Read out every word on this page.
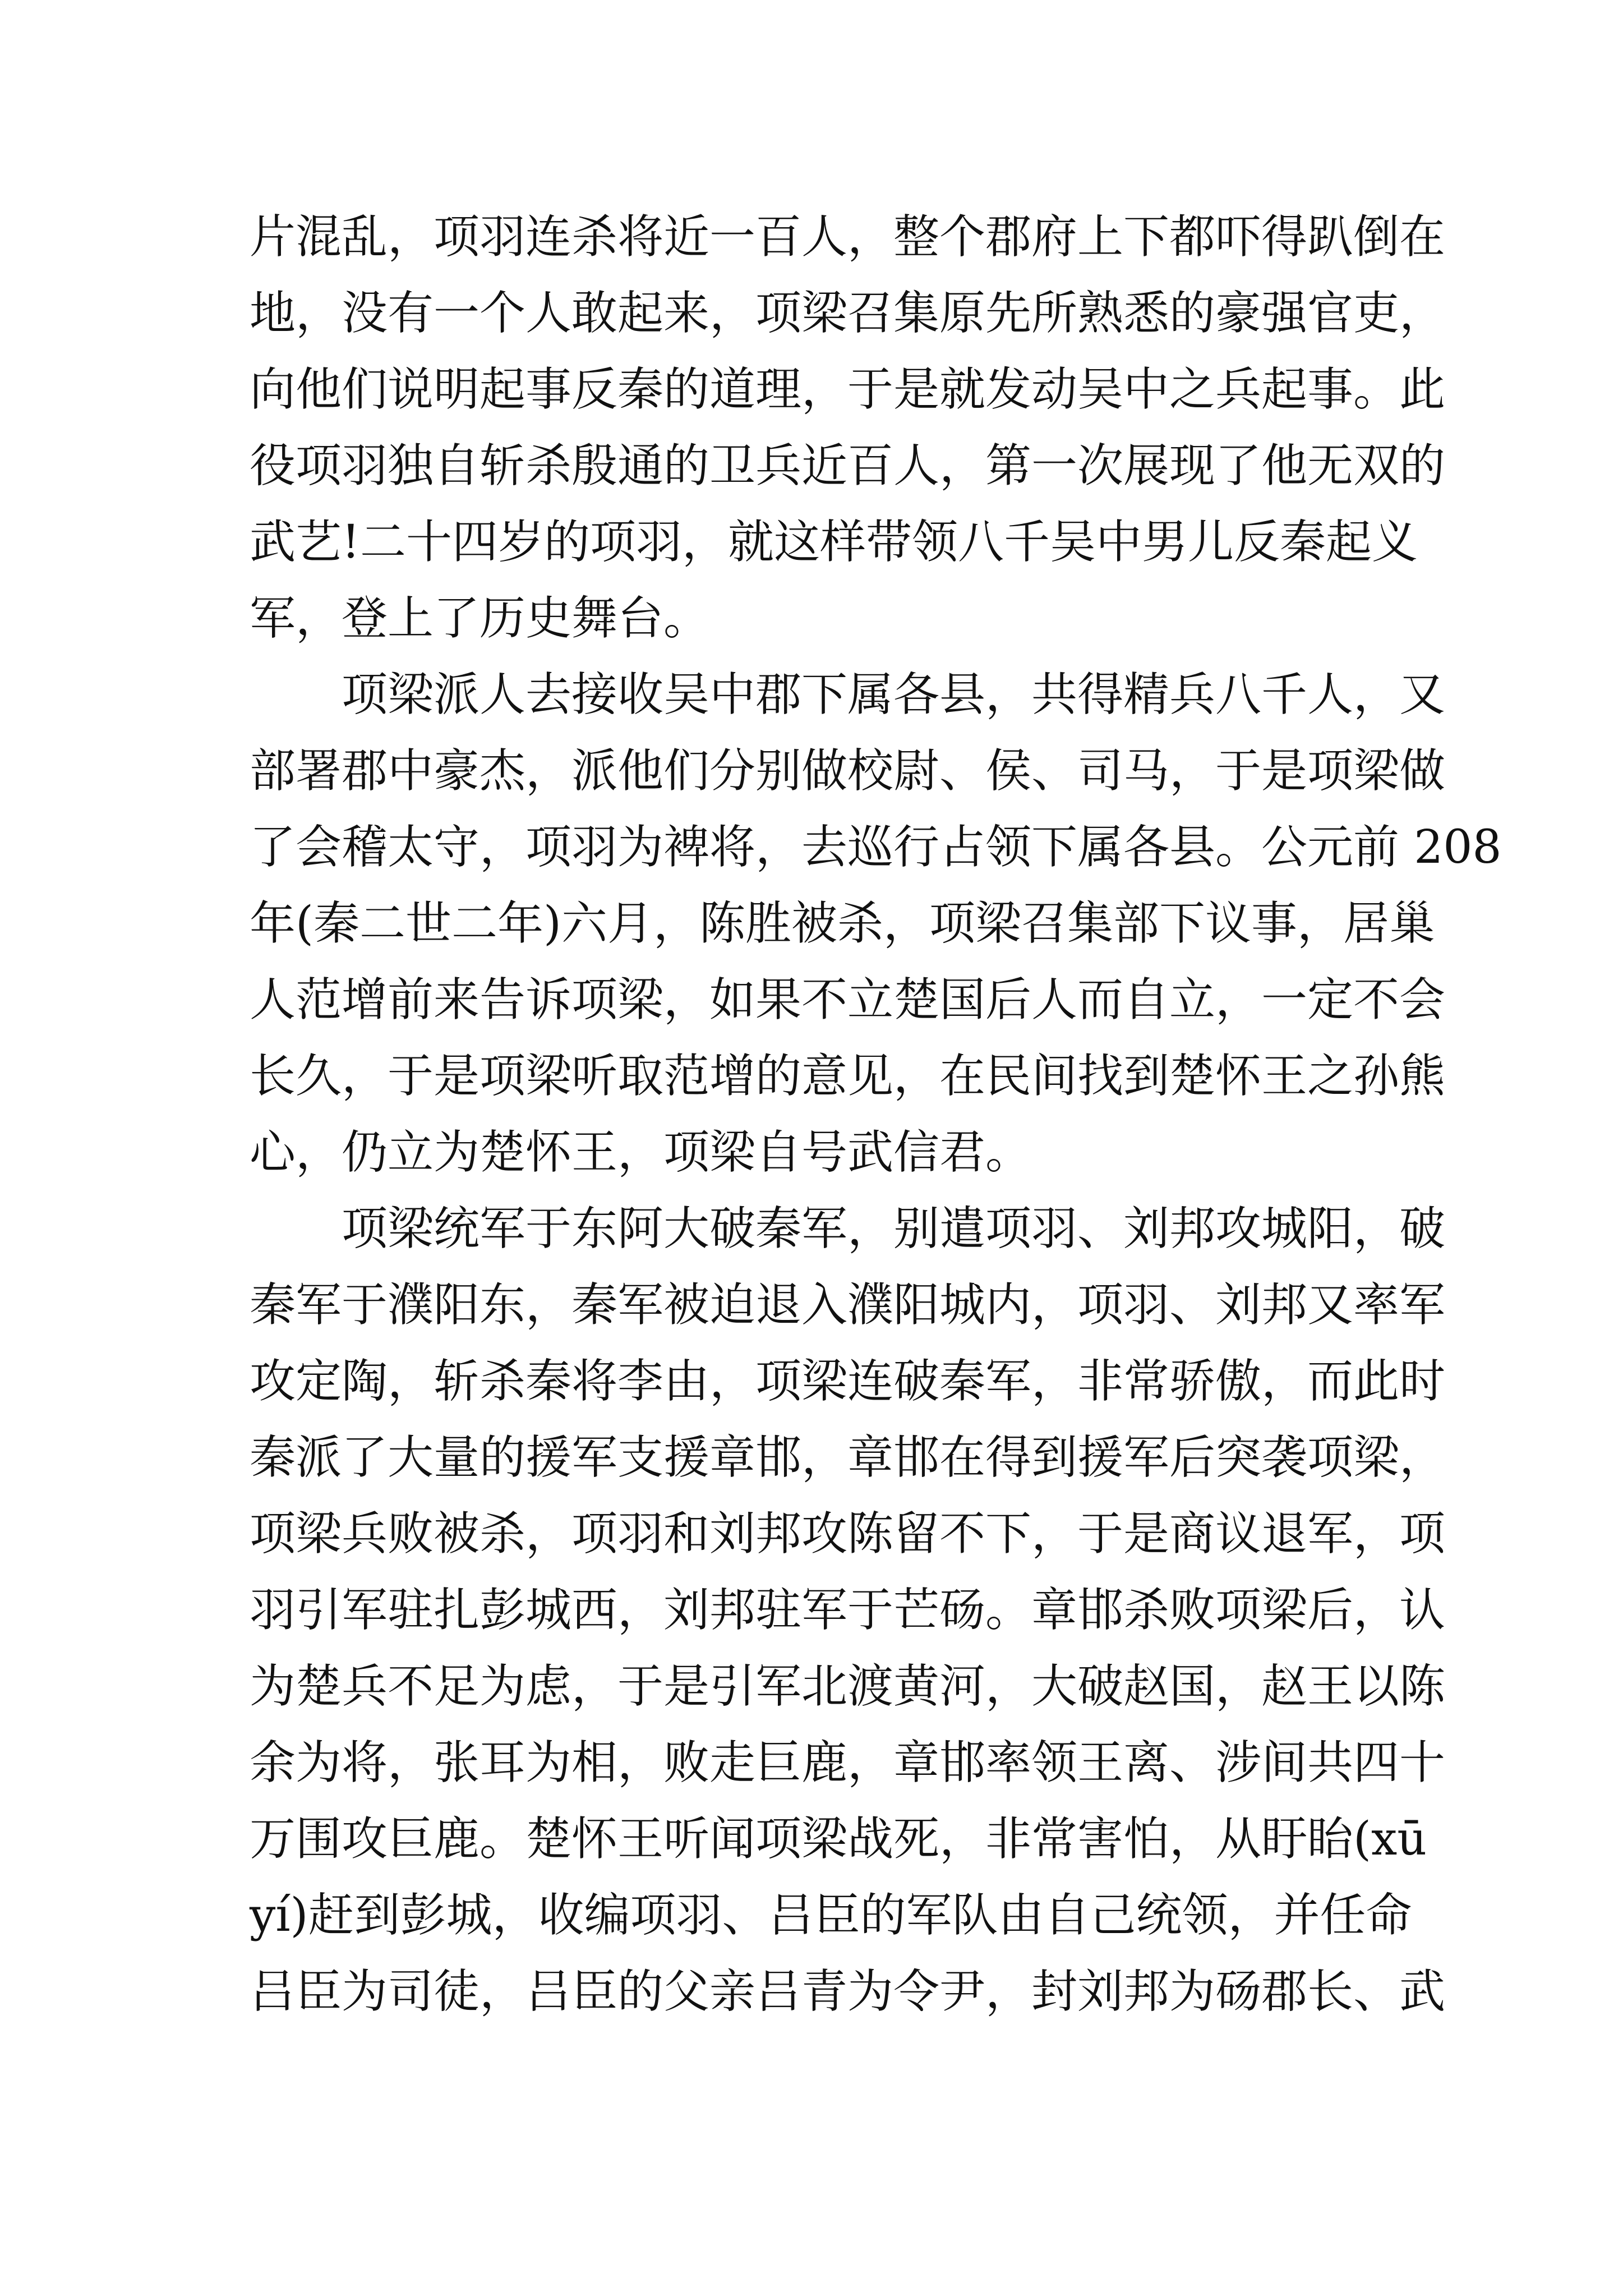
片混乱，项羽连杀将近一百人，整个郡府上下都吓得趴倒在
地，没有一个人敢起来，项梁召集原先所熟悉的豪强官吏，
向他们说明起事反秦的道理，于是就发动吴中之兵起事。此
役项羽独自斩杀殷通的卫兵近百人，第一次展现了他无双的
武艺!二十四岁的项羽，就这样带领八千吴中男儿反秦起义
军，登上了历史舞台。
项梁派人去接收吴中郡下属各县，共得精兵八千人，又
部署郡中豪杰，派他们分别做校尉、侯、司马，于是项梁做
了会稽太守，项羽为裨将，去巡行占领下属各县。公元前 208
年(秦二世二年)六月，陈胜被杀，项梁召集部下议事，居巢
人范增前来告诉项梁，如果不立楚国后人而自立，一定不会
长久，于是项梁听取范增的意见，在民间找到楚怀王之孙熊
心，仍立为楚怀王，项梁自号武信君。
项梁统军于东阿大破秦军，别遣项羽、刘邦攻城阳，破
秦军于濮阳东，秦军被迫退入濮阳城内，项羽、刘邦又率军
攻定陶，斩杀秦将李由，项梁连破秦军，非常骄傲，而此时
秦派了大量的援军支援章邯，章邯在得到援军后突袭项梁，
项梁兵败被杀，项羽和刘邦攻陈留不下，于是商议退军，项
羽引军驻扎彭城西，刘邦驻军于芒砀。章邯杀败项梁后，认
为楚兵不足为虑，于是引军北渡黄河，大破赵国，赵王以陈
余为将，张耳为相，败走巨鹿，章邯率领王离、涉间共四十
万围攻巨鹿。楚怀王听闻项梁战死，非常害怕，从盱眙(xū
yí)赶到彭城，收编项羽、吕臣的军队由自己统领，并任命
吕臣为司徒，吕臣的父亲吕青为令尹，封刘邦为砀郡长、武
